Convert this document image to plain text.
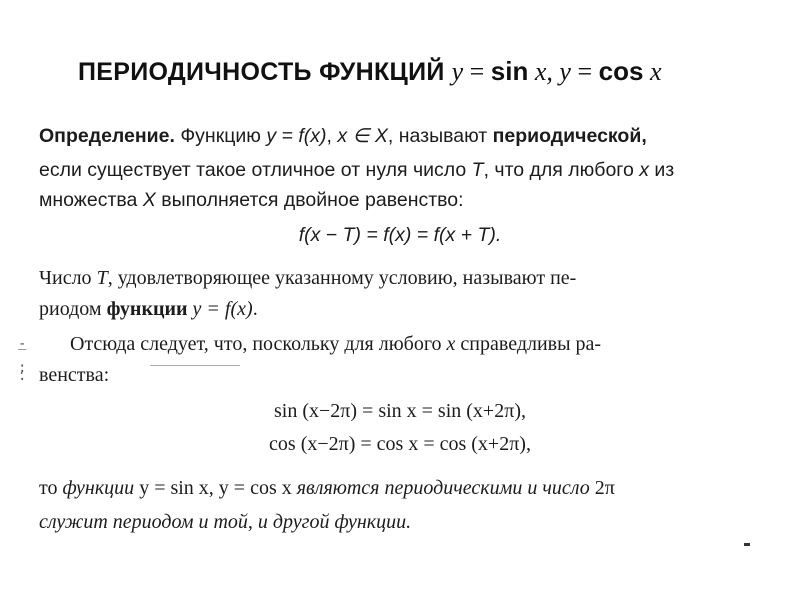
ПЕРИОДИЧНОСТЬ ФУНКЦИЙ y = sin x, y = cos x
Определение. Функцию y = f(x), x ∈ X, называют периодической,
если существует такое отличное от нуля число T, что для любого x из
множества X выполняется двойное равенство:
f(x − T) = f(x) = f(x + T).
Число T, удовлетворяющее указанному условию, называют пе-
риодом функции y = f(x).
-
‾
;
·
Отсюда следует, что, поскольку для любого x справедливы ра-
венства:
sin (x−2π) = sin x = sin (x+2π),
cos (x−2π) = cos x = cos (x+2π),
то функции y = sin x, y = cos x являются периодическими и число 2π
служит периодом и той, и другой функции.
